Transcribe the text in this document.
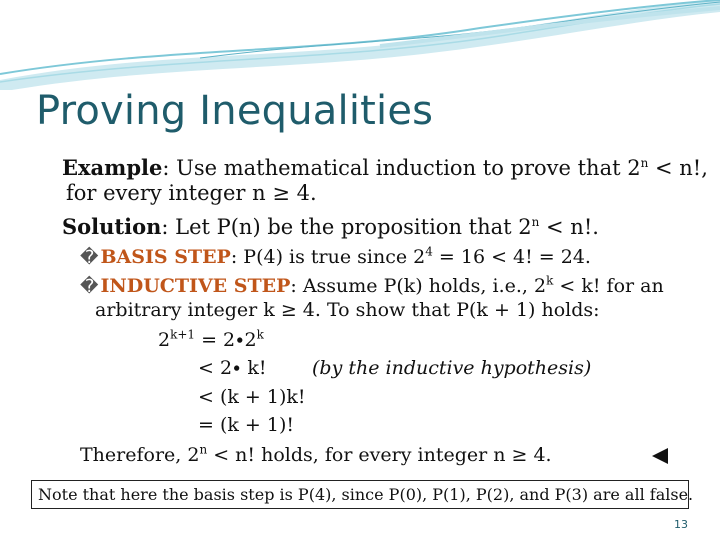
Proving Inequalities
Example: Use mathematical induction to prove that $2^n < n$!,
for every integer n ≥ 4.
Solution: Let P(n) be the proposition that $2^n < n$!.
� BASIS STEP: P(4) is true since $2^4 = 16 < 4$! = 24.
� INDUCTIVE STEP: Assume P(k) holds, i.e., $2^k < k$! for an
arbitrary integer k ≥ 4. To show that P(k + 1) holds:
$2^{k+1} = 2\cdot 2^k$
< 2∙ k! (by the inductive hypothesis)
< (k + 1)k!
= (k + 1)!
Therefore, $2^n < n$! holds, for every integer n ≥ 4.
Note that here the basis step is P(4), since P(0), P(1), P(2), and P(3) are all false.
13
